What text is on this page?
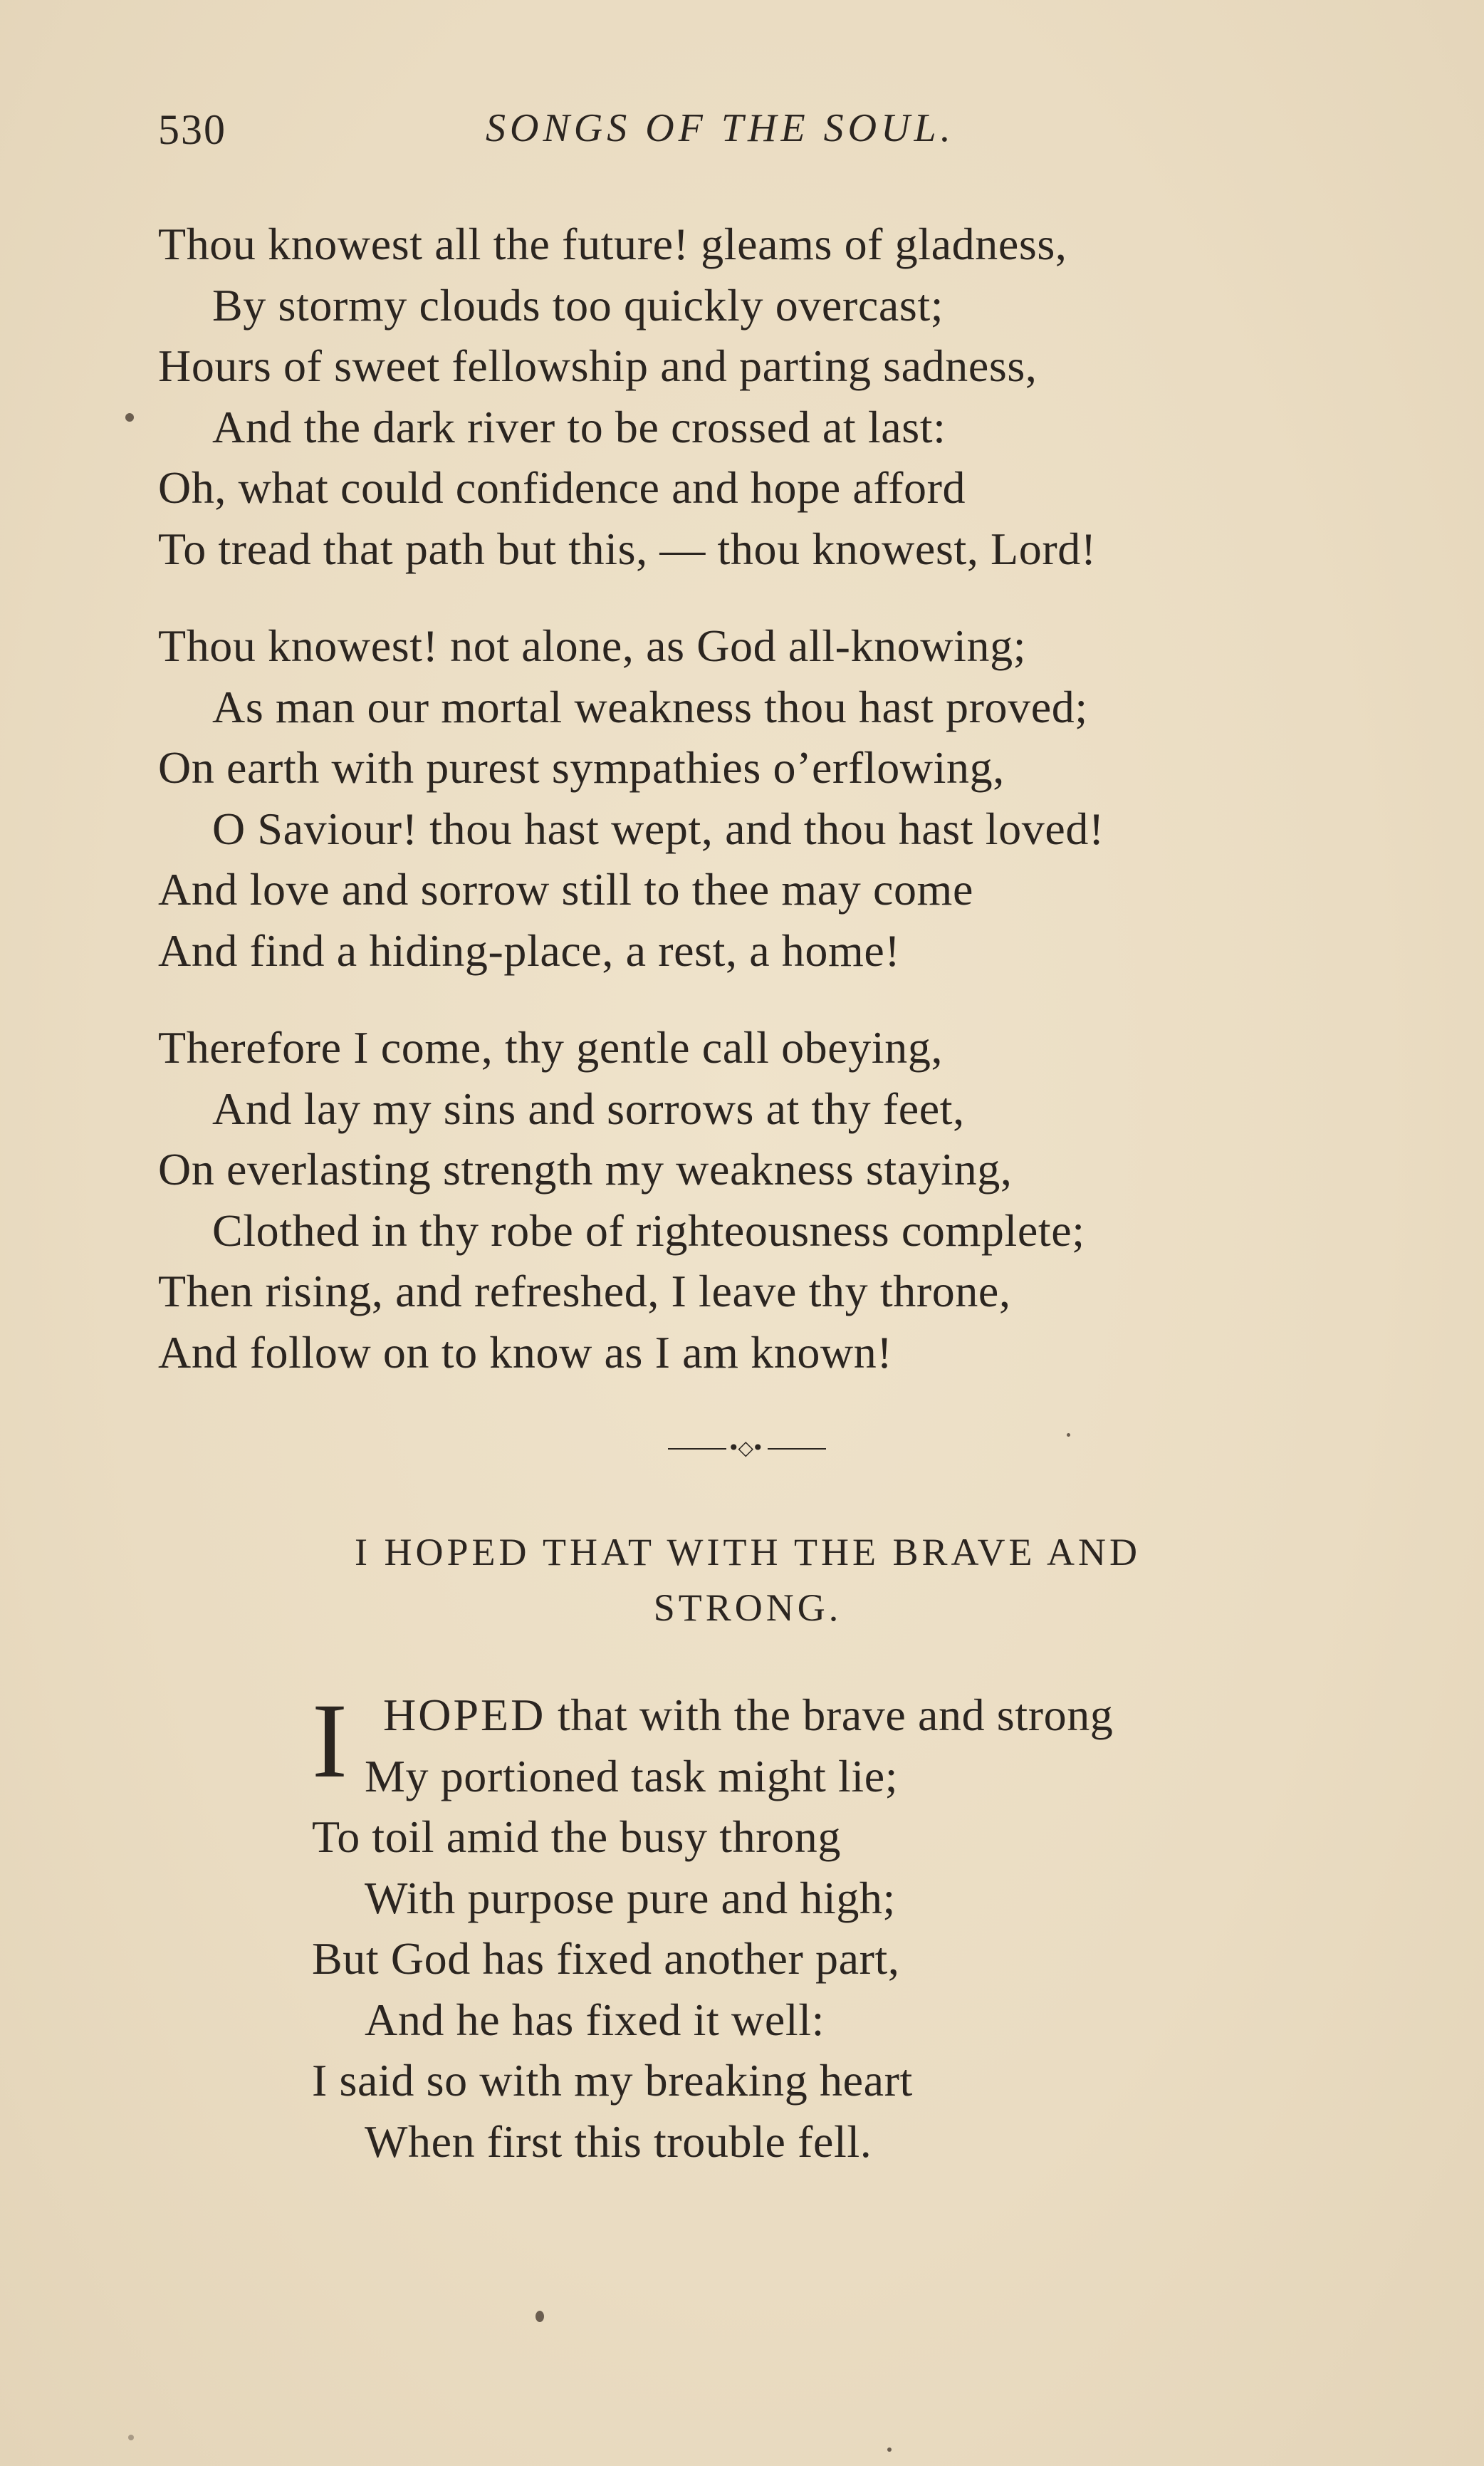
530	SONGS OF THE SOUL.
Thou knowest all the future! gleams of gladness,
By stormy clouds too quickly overcast;
Hours of sweet fellowship and parting sadness,
And the dark river to be crossed at last:
Oh, what could confidence and hope afford
To tread that path but this, — thou knowest, Lord!
Thou knowest! not alone, as God all-knowing;
As man our mortal weakness thou hast proved;
On earth with purest sympathies o’erflowing,
O Saviour! thou hast wept, and thou hast loved!
And love and sorrow still to thee may come
And find a hiding-place, a rest, a home!
Therefore I come, thy gentle call obeying,
And lay my sins and sorrows at thy feet,
On everlasting strength my weakness staying,
Clothed in thy robe of righteousness complete;
Then rising, and refreshed, I leave thy throne,
And follow on to know as I am known!
•◇•
I HOPED THAT WITH THE BRAVE AND
STRONG.
I HOPED that with the brave and strong
My portioned task might lie;
To toil amid the busy throng
With purpose pure and high;
But God has fixed another part,
And he has fixed it well:
I said so with my breaking heart
When first this trouble fell.
